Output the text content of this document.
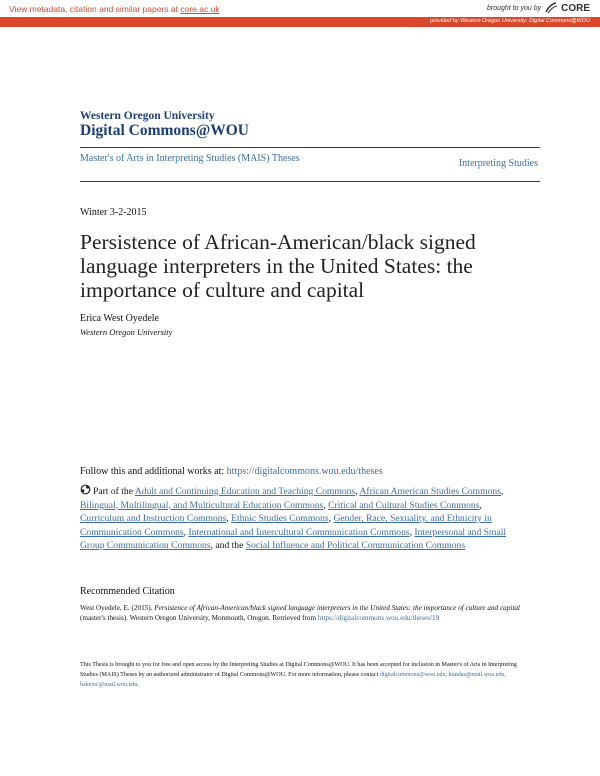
View metadata, citation and similar papers at core.ac.uk	brought to you by CORE
provided by Western Oregon University: Digital Commons@WOU
Western Oregon University
Digital Commons@WOU
Master's of Arts in Interpreting Studies (MAIS) Theses	Interpreting Studies
Winter 3-2-2015
Persistence of African-American/black signed language interpreters in the United States: the importance of culture and capital
Erica West Oyedele
Western Oregon University
Follow this and additional works at: https://digitalcommons.wou.edu/theses
Part of the Adult and Continuing Education and Teaching Commons, African American Studies Commons, Bilingual, Multilingual, and Multicultural Education Commons, Critical and Cultural Studies Commons, Curriculum and Instruction Commons, Ethnic Studies Commons, Gender, Race, Sexuality, and Ethnicity in Communication Commons, International and Intercultural Communication Commons, Interpersonal and Small Group Communication Commons, and the Social Influence and Political Communication Commons
Recommended Citation
West Oyedele, E. (2015). Persistence of African-American/black signed language interpreters in the United States: the importance of culture and capital (master's thesis). Western Oregon University, Monmouth, Oregon. Retrieved from https://digitalcommons.wou.edu/theses/19
This Thesis is brought to you for free and open access by the Interpreting Studies at Digital Commons@WOU. It has been accepted for inclusion in Master's of Arts in Interpreting Studies (MAIS) Theses by an authorized administrator of Digital Commons@WOU. For more information, please contact digitalcommons@wou.edu, kundas@mail.wou.edu, bakersc@mail.wou.edu.
